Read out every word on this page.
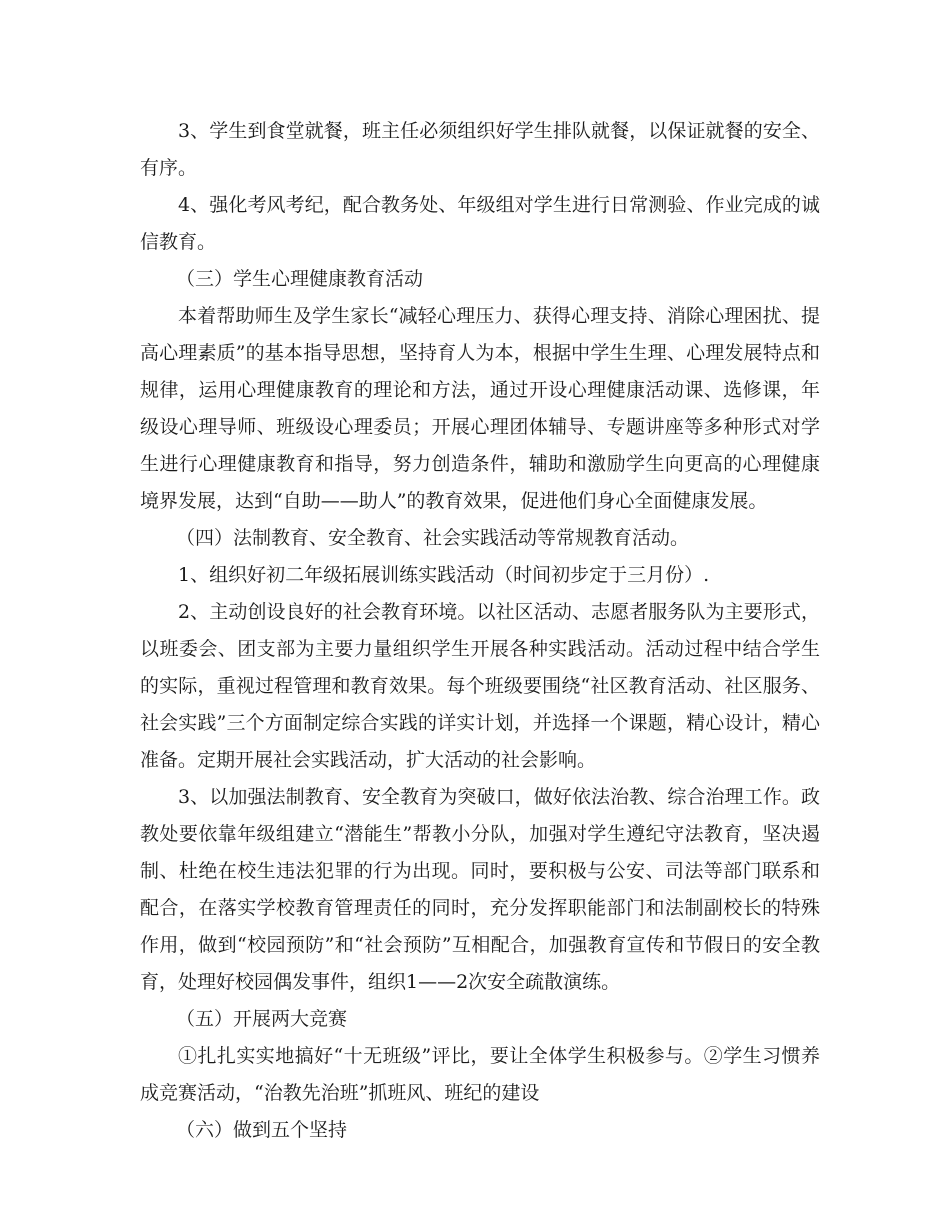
3、学生到食堂就餐，班主任必须组织好学生排队就餐，以保证就餐的安全、有序。

4、强化考风考纪，配合教务处、年级组对学生进行日常测验、作业完成的诚信教育。

（三）学生心理健康教育活动

本着帮助师生及学生家长“减轻心理压力、获得心理支持、消除心理困扰、提高心理素质”的基本指导思想，坚持育人为本，根据中学生生理、心理发展特点和规律，运用心理健康教育的理论和方法，通过开设心理健康活动课、选修课，年级设心理导师、班级设心理委员；开展心理团体辅导、专题讲座等多种形式对学生进行心理健康教育和指导，努力创造条件，辅助和激励学生向更高的心理健康境界发展，达到“自助——助人”的教育效果，促进他们身心全面健康发展。

（四）法制教育、安全教育、社会实践活动等常规教育活动。

1、组织好初二年级拓展训练实践活动（时间初步定于三月份）.

2、主动创设良好的社会教育环境。以社区活动、志愿者服务队为主要形式，以班委会、团支部为主要力量组织学生开展各种实践活动。活动过程中结合学生的实际，重视过程管理和教育效果。每个班级要围绕“社区教育活动、社区服务、社会实践”三个方面制定综合实践的详实计划，并选择一个课题，精心设计，精心准备。定期开展社会实践活动，扩大活动的社会影响。

3、以加强法制教育、安全教育为突破口，做好依法治教、综合治理工作。政教处要依靠年级组建立“潜能生”帮教小分队，加强对学生遵纪守法教育，坚决遏制、杜绝在校生违法犯罪的行为出现。同时，要积极与公安、司法等部门联系和配合，在落实学校教育管理责任的同时，充分发挥职能部门和法制副校长的特殊作用，做到“校园预防”和“社会预防”互相配合，加强教育宣传和节假日的安全教育，处理好校园偶发事件，组织1——2次安全疏散演练。

（五）开展两大竞赛

①扎扎实实地搞好“十无班级”评比，要让全体学生积极参与。②学生习惯养成竞赛活动，“治教先治班”抓班风、班纪的建设

（六）做到五个坚持
